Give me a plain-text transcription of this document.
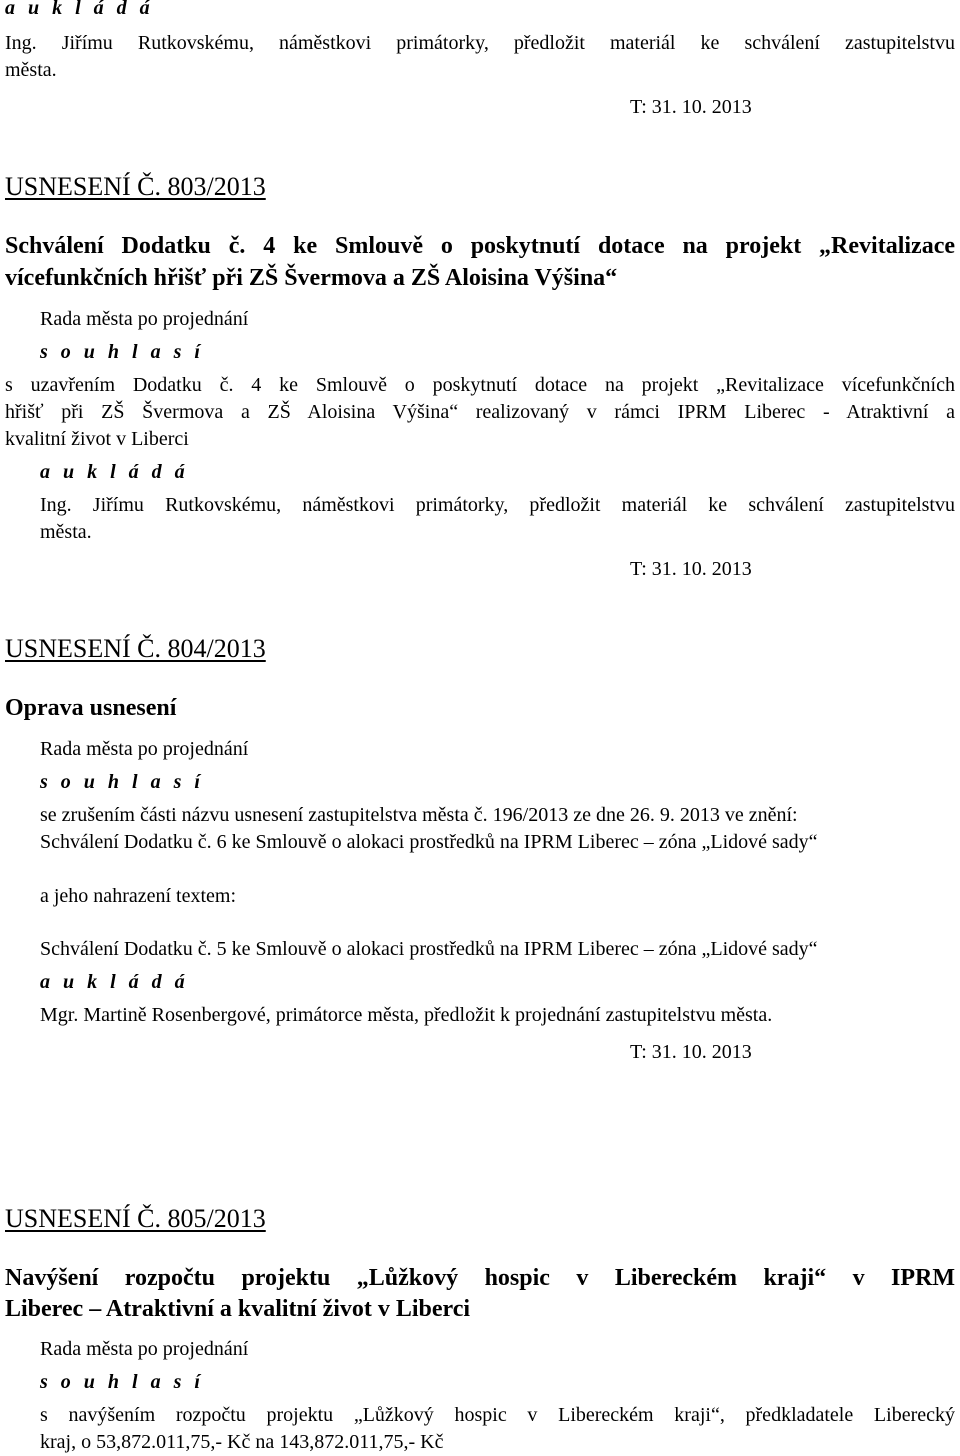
a u k l á d á
Ing. Jiřímu Rutkovskému, náměstkovi primátorky, předložit materiál ke schválení zastupitelstvu
města.
T: 31. 10. 2013
USNESENÍ Č. 803/2013
Schválení Dodatku č. 4 ke Smlouvě o poskytnutí dotace na projekt „Revitalizace
vícefunkčních hřišť při ZŠ Švermova a ZŠ Aloisina Výšina“
Rada města po projednání
s o u h l a s í
s uzavřením Dodatku č. 4 ke Smlouvě o poskytnutí dotace na projekt „Revitalizace vícefunkčních
hřišť při ZŠ Švermova a ZŠ Aloisina Výšina“ realizovaný v rámci IPRM Liberec - Atraktivní a
kvalitní život v Liberci
a u k l á d á
Ing. Jiřímu Rutkovskému, náměstkovi primátorky, předložit materiál ke schválení zastupitelstvu
města.
T: 31. 10. 2013
USNESENÍ Č. 804/2013
Oprava usnesení
Rada města po projednání
s o u h l a s í
se zrušením části názvu usnesení zastupitelstva města č. 196/2013 ze dne 26. 9. 2013 ve znění:
Schválení Dodatku č. 6 ke Smlouvě o alokaci prostředků na IPRM Liberec – zóna „Lidové sady“
a jeho nahrazení textem:
Schválení Dodatku č. 5 ke Smlouvě o alokaci prostředků na IPRM Liberec – zóna „Lidové sady“
a u k l á d á
Mgr. Martině Rosenbergové, primátorce města, předložit k projednání zastupitelstvu města.
T: 31. 10. 2013
USNESENÍ Č. 805/2013
Navýšení rozpočtu projektu „Lůžkový hospic v Libereckém kraji“ v IPRM
Liberec – Atraktivní a kvalitní život v Liberci
Rada města po projednání
s o u h l a s í
s navýšením rozpočtu projektu „Lůžkový hospic v Libereckém kraji“, předkladatele Liberecký
kraj, o 53,872.011,75,- Kč na 143,872.011,75,- Kč
